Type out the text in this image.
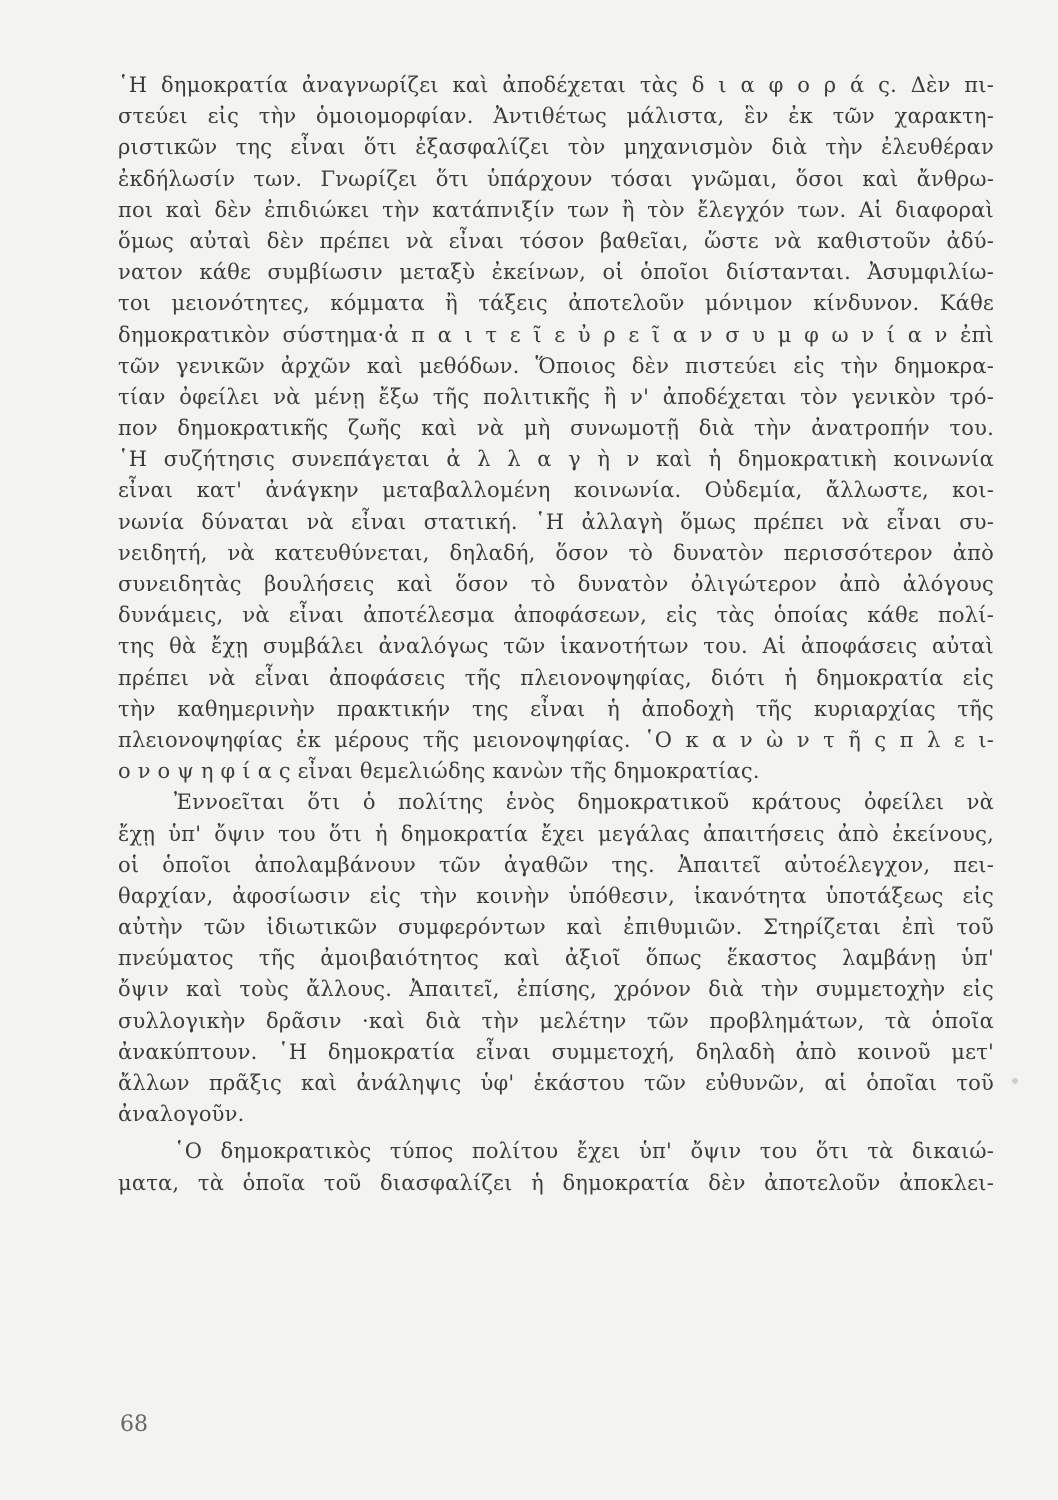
῾Η δημοκρατία ἀναγνωρίζει καὶ ἀποδέχεται τὰς δ ι α φ ο ρ ά ς. Δὲν πι-
στεύει εἰς τὴν ὁμοιομορφίαν. Ἀντιθέτως μάλιστα, ἓν ἐκ τῶν χαρακτη-
ριστικῶν της εἶναι ὅτι ἐξασφαλίζει τὸν μηχανισμὸν διὰ τὴν ἐλευθέραν
ἐκδήλωσίν των. Γνωρίζει ὅτι ὑπάρχουν τόσαι γνῶμαι, ὅσοι καὶ ἄνθρω-
ποι καὶ δὲν ἐπιδιώκει τὴν κατάπνιξίν των ἢ τὸν ἔλεγχόν των. Αἱ διαφοραὶ
ὅμως αὐταὶ δὲν πρέπει νὰ εἶναι τόσον βαθεῖαι, ὥστε νὰ καθιστοῦν ἀδύ-
νατον κάθε συμβίωσιν μεταξὺ ἐκείνων, οἱ ὁποῖοι διίστανται. Ἀσυμφιλίω-
τοι μειονότητες, κόμματα ἢ τάξεις ἀποτελοῦν μόνιμον κίνδυνον. Κάθε
δημοκρατικὸν σύστημα·ἀ π α ι τ ε ῖ ε ὐ ρ ε ῖ α ν σ υ μ φ ω ν ί α ν ἐπὶ
τῶν γενικῶν ἀρχῶν καὶ μεθόδων. Ὅποιος δὲν πιστεύει εἰς τὴν δημοκρα-
τίαν ὀφείλει νὰ μένῃ ἔξω τῆς πολιτικῆς ἢ ν' ἀποδέχεται τὸν γενικὸν τρό-
πον δημοκρατικῆς ζωῆς καὶ νὰ μὴ συνωμοτῇ διὰ τὴν ἀνατροπήν του.
῾Η συζήτησις συνεπάγεται ἀ λ λ α γ ὴ ν καὶ ἡ δημοκρατικὴ κοινωνία
εἶναι κατ' ἀνάγκην μεταβαλλομένη κοινωνία. Οὐδεμία, ἄλλωστε, κοι-
νωνία δύναται νὰ εἶναι στατική. ῾Η ἀλλαγὴ ὅμως πρέπει νὰ εἶναι συ-
νειδητή, νὰ κατευθύνεται, δηλαδή, ὅσον τὸ δυνατὸν περισσότερον ἀπὸ
συνειδητὰς βουλήσεις καὶ ὅσον τὸ δυνατὸν ὀλιγώτερον ἀπὸ ἀλόγους
δυνάμεις, νὰ εἶναι ἀποτέλεσμα ἀποφάσεων, εἰς τὰς ὁποίας κάθε πολί-
της θὰ ἔχῃ συμβάλει ἀναλόγως τῶν ἱκανοτήτων του. Αἱ ἀποφάσεις αὐταὶ
πρέπει νὰ εἶναι ἀποφάσεις τῆς πλειονοψηφίας, διότι ἡ δημοκρατία εἰς
τὴν καθημερινὴν πρακτικήν της εἶναι ἡ ἀποδοχὴ τῆς κυριαρχίας τῆς
πλειονοψηφίας ἐκ μέρους τῆς μειονοψηφίας. ῾Ο κ α ν ὼ ν τ ῆ ς π λ ε ι-
ο ν ο ψ η φ ί α ς εἶναι θεμελιώδης κανὼν τῆς δημοκρατίας.
Ἐννοεῖται ὅτι ὁ πολίτης ἑνὸς δημοκρατικοῦ κράτους ὀφείλει νὰ
ἔχῃ ὑπ' ὄψιν του ὅτι ἡ δημοκρατία ἔχει μεγάλας ἀπαιτήσεις ἀπὸ ἐκείνους,
οἱ ὁποῖοι ἀπολαμβάνουν τῶν ἀγαθῶν της. Ἀπαιτεῖ αὐτοέλεγχον, πει-
θαρχίαν, ἀφοσίωσιν εἰς τὴν κοινὴν ὑπόθεσιν, ἱκανότητα ὑποτάξεως εἰς
αὐτὴν τῶν ἰδιωτικῶν συμφερόντων καὶ ἐπιθυμιῶν. Στηρίζεται ἐπὶ τοῦ
πνεύματος τῆς ἀμοιβαιότητος καὶ ἀξιοῖ ὅπως ἕκαστος λαμβάνῃ ὑπ'
ὄψιν καὶ τοὺς ἄλλους. Ἀπαιτεῖ, ἐπίσης, χρόνον διὰ τὴν συμμετοχὴν εἰς
συλλογικὴν δρᾶσιν ·καὶ διὰ τὴν μελέτην τῶν προβλημάτων, τὰ ὁποῖα
ἀνακύπτουν. ῾Η δημοκρατία εἶναι συμμετοχή, δηλαδὴ ἀπὸ κοινοῦ μετ'
ἄλλων πρᾶξις καὶ ἀνάληψις ὑφ' ἑκάστου τῶν εὐθυνῶν, αἱ ὁποῖαι τοῦ
ἀναλογοῦν.
῾Ο δημοκρατικὸς τύπος πολίτου ἔχει ὑπ' ὄψιν του ὅτι τὰ δικαιώ-
ματα, τὰ ὁποῖα τοῦ διασφαλίζει ἡ δημοκρατία δὲν ἀποτελοῦν ἀποκλει-
68
